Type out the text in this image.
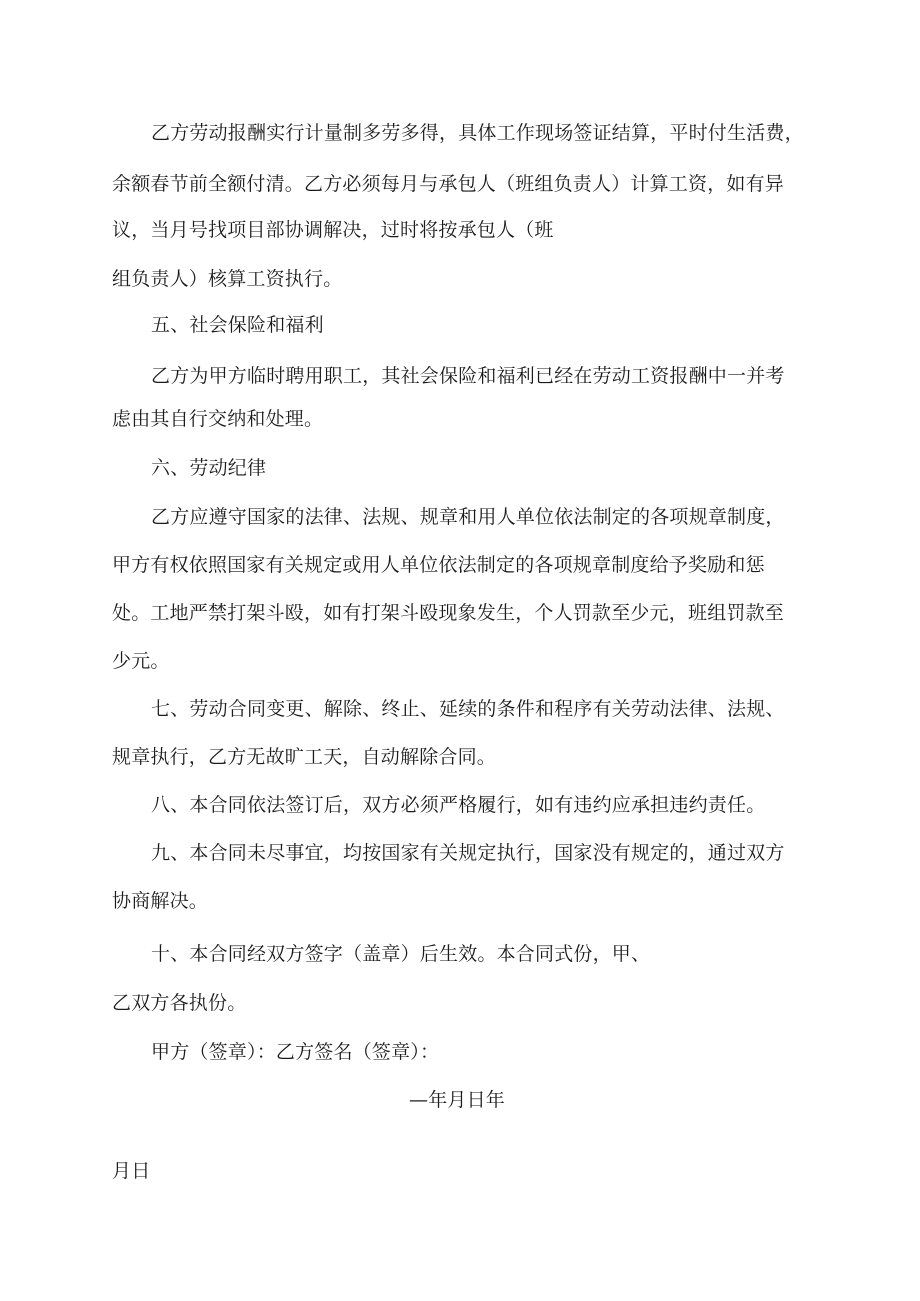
乙方劳动报酬实行计量制多劳多得，具体工作现场签证结算，平时付生活费，
余额春节前全额付清。乙方必须每月与承包人（班组负责人）计算工资，如有异
议，当月号找项目部协调解决，过时将按承包人（班
组负责人）核算工资执行。
五、社会保险和福利
乙方为甲方临时聘用职工，其社会保险和福利已经在劳动工资报酬中一并考
虑由其自行交纳和处理。
六、劳动纪律
乙方应遵守国家的法律、法规、规章和用人单位依法制定的各项规章制度，
甲方有权依照国家有关规定或用人单位依法制定的各项规章制度给予奖励和惩
处。工地严禁打架斗殴，如有打架斗殴现象发生，个人罚款至少元，班组罚款至
少元。
七、劳动合同变更、解除、终止、延续的条件和程序有关劳动法律、法规、
规章执行，乙方无故旷工天，自动解除合同。
八、本合同依法签订后，双方必须严格履行，如有违约应承担违约责任。
九、本合同未尽事宜，均按国家有关规定执行，国家没有规定的，通过双方
协商解决。
十、本合同经双方签字（盖章）后生效。本合同式份，甲、
乙双方各执份。
甲方（签章）：乙方签名（签章）：
—年月日年
月日
